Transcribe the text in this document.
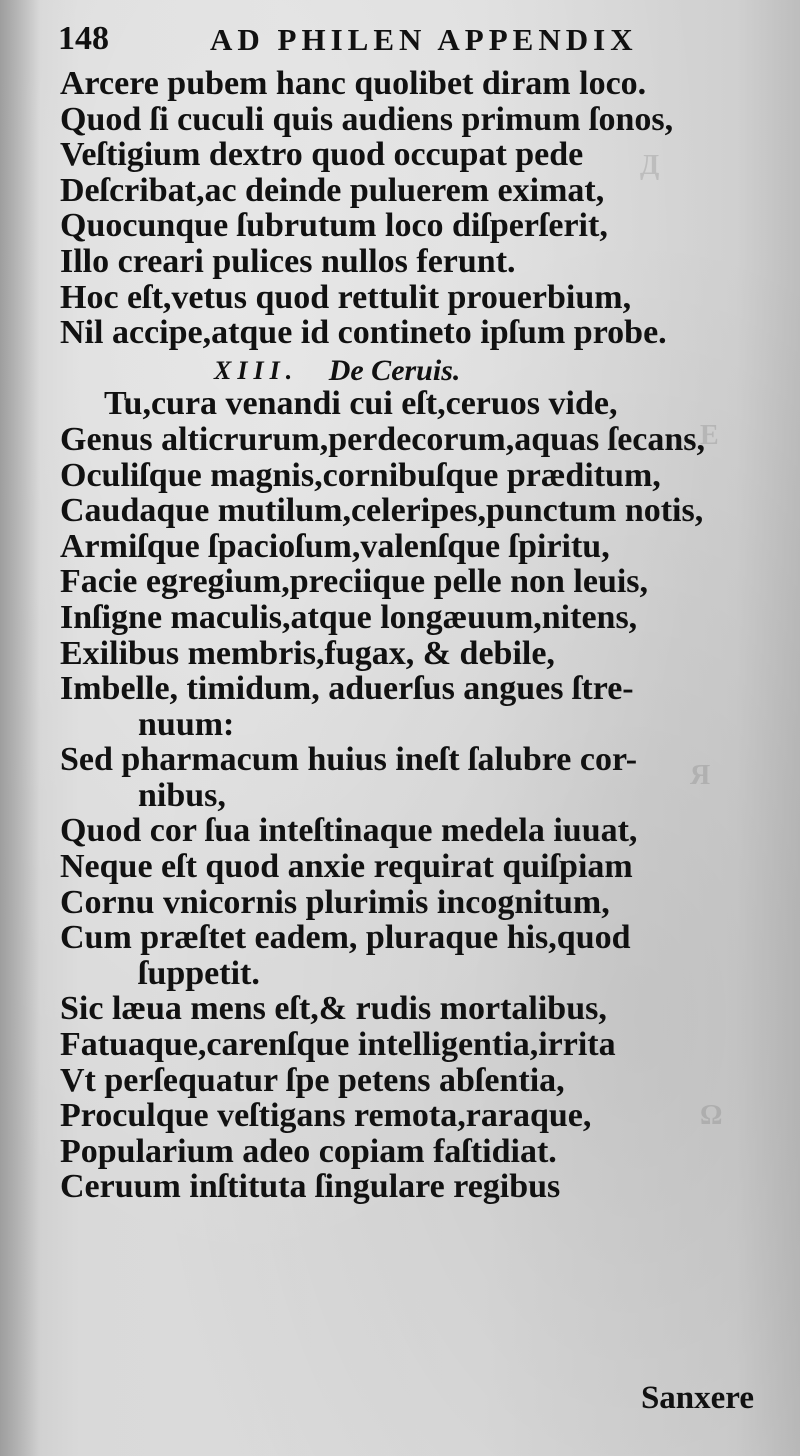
Д
Е
Я
Ω
148	AD PHILEN APPENDIX
Arcere pubem hanc quolibet diram loco.
Quod ſi cuculi quis audiens primum ſonos,
Veſtigium dextro quod occupat pede
Deſcribat,ac deinde puluerem eximat,
Quocunque ſubrutum loco diſperſerit,
Illo creari pulices nullos ferunt.
Hoc eſt,vetus quod rettulit prouerbium,
Nil accipe,atque id contineto ipſum probe.
XIII. De Ceruis.
Tu,cura venandi cui eſt,ceruos vide,
Genus alticrurum,perdecorum,aquas ſecans,
Oculiſque magnis,cornibuſque præditum,
Caudaque mutilum,celeripes,punctum notis,
Armiſque ſpacioſum,valenſque ſpiritu,
Facie egregium,preciique pelle non leuis,
Inſigne maculis,atque longæuum,nitens,
Exilibus membris,fugax, & debile,
Imbelle, timidum, aduerſus angues ſtre-
nuum:
Sed pharmacum huius ineſt ſalubre cor-
nibus,
Quod cor ſua inteſtinaque medela iuuat,
Neque eſt quod anxie requirat quiſpiam
Cornu vnicornis plurimis incognitum,
Cum præſtet eadem, pluraque his,quod
ſuppetit.
Sic læua mens eſt,& rudis mortalibus,
Fatuaque,carenſque intelligentia,irrita
Vt perſequatur ſpe petens abſentia,
Proculque veſtigans remota,raraque,
Popularium adeo copiam faſtidiat.
Ceruum inſtituta ſingulare regibus
Sanxere
